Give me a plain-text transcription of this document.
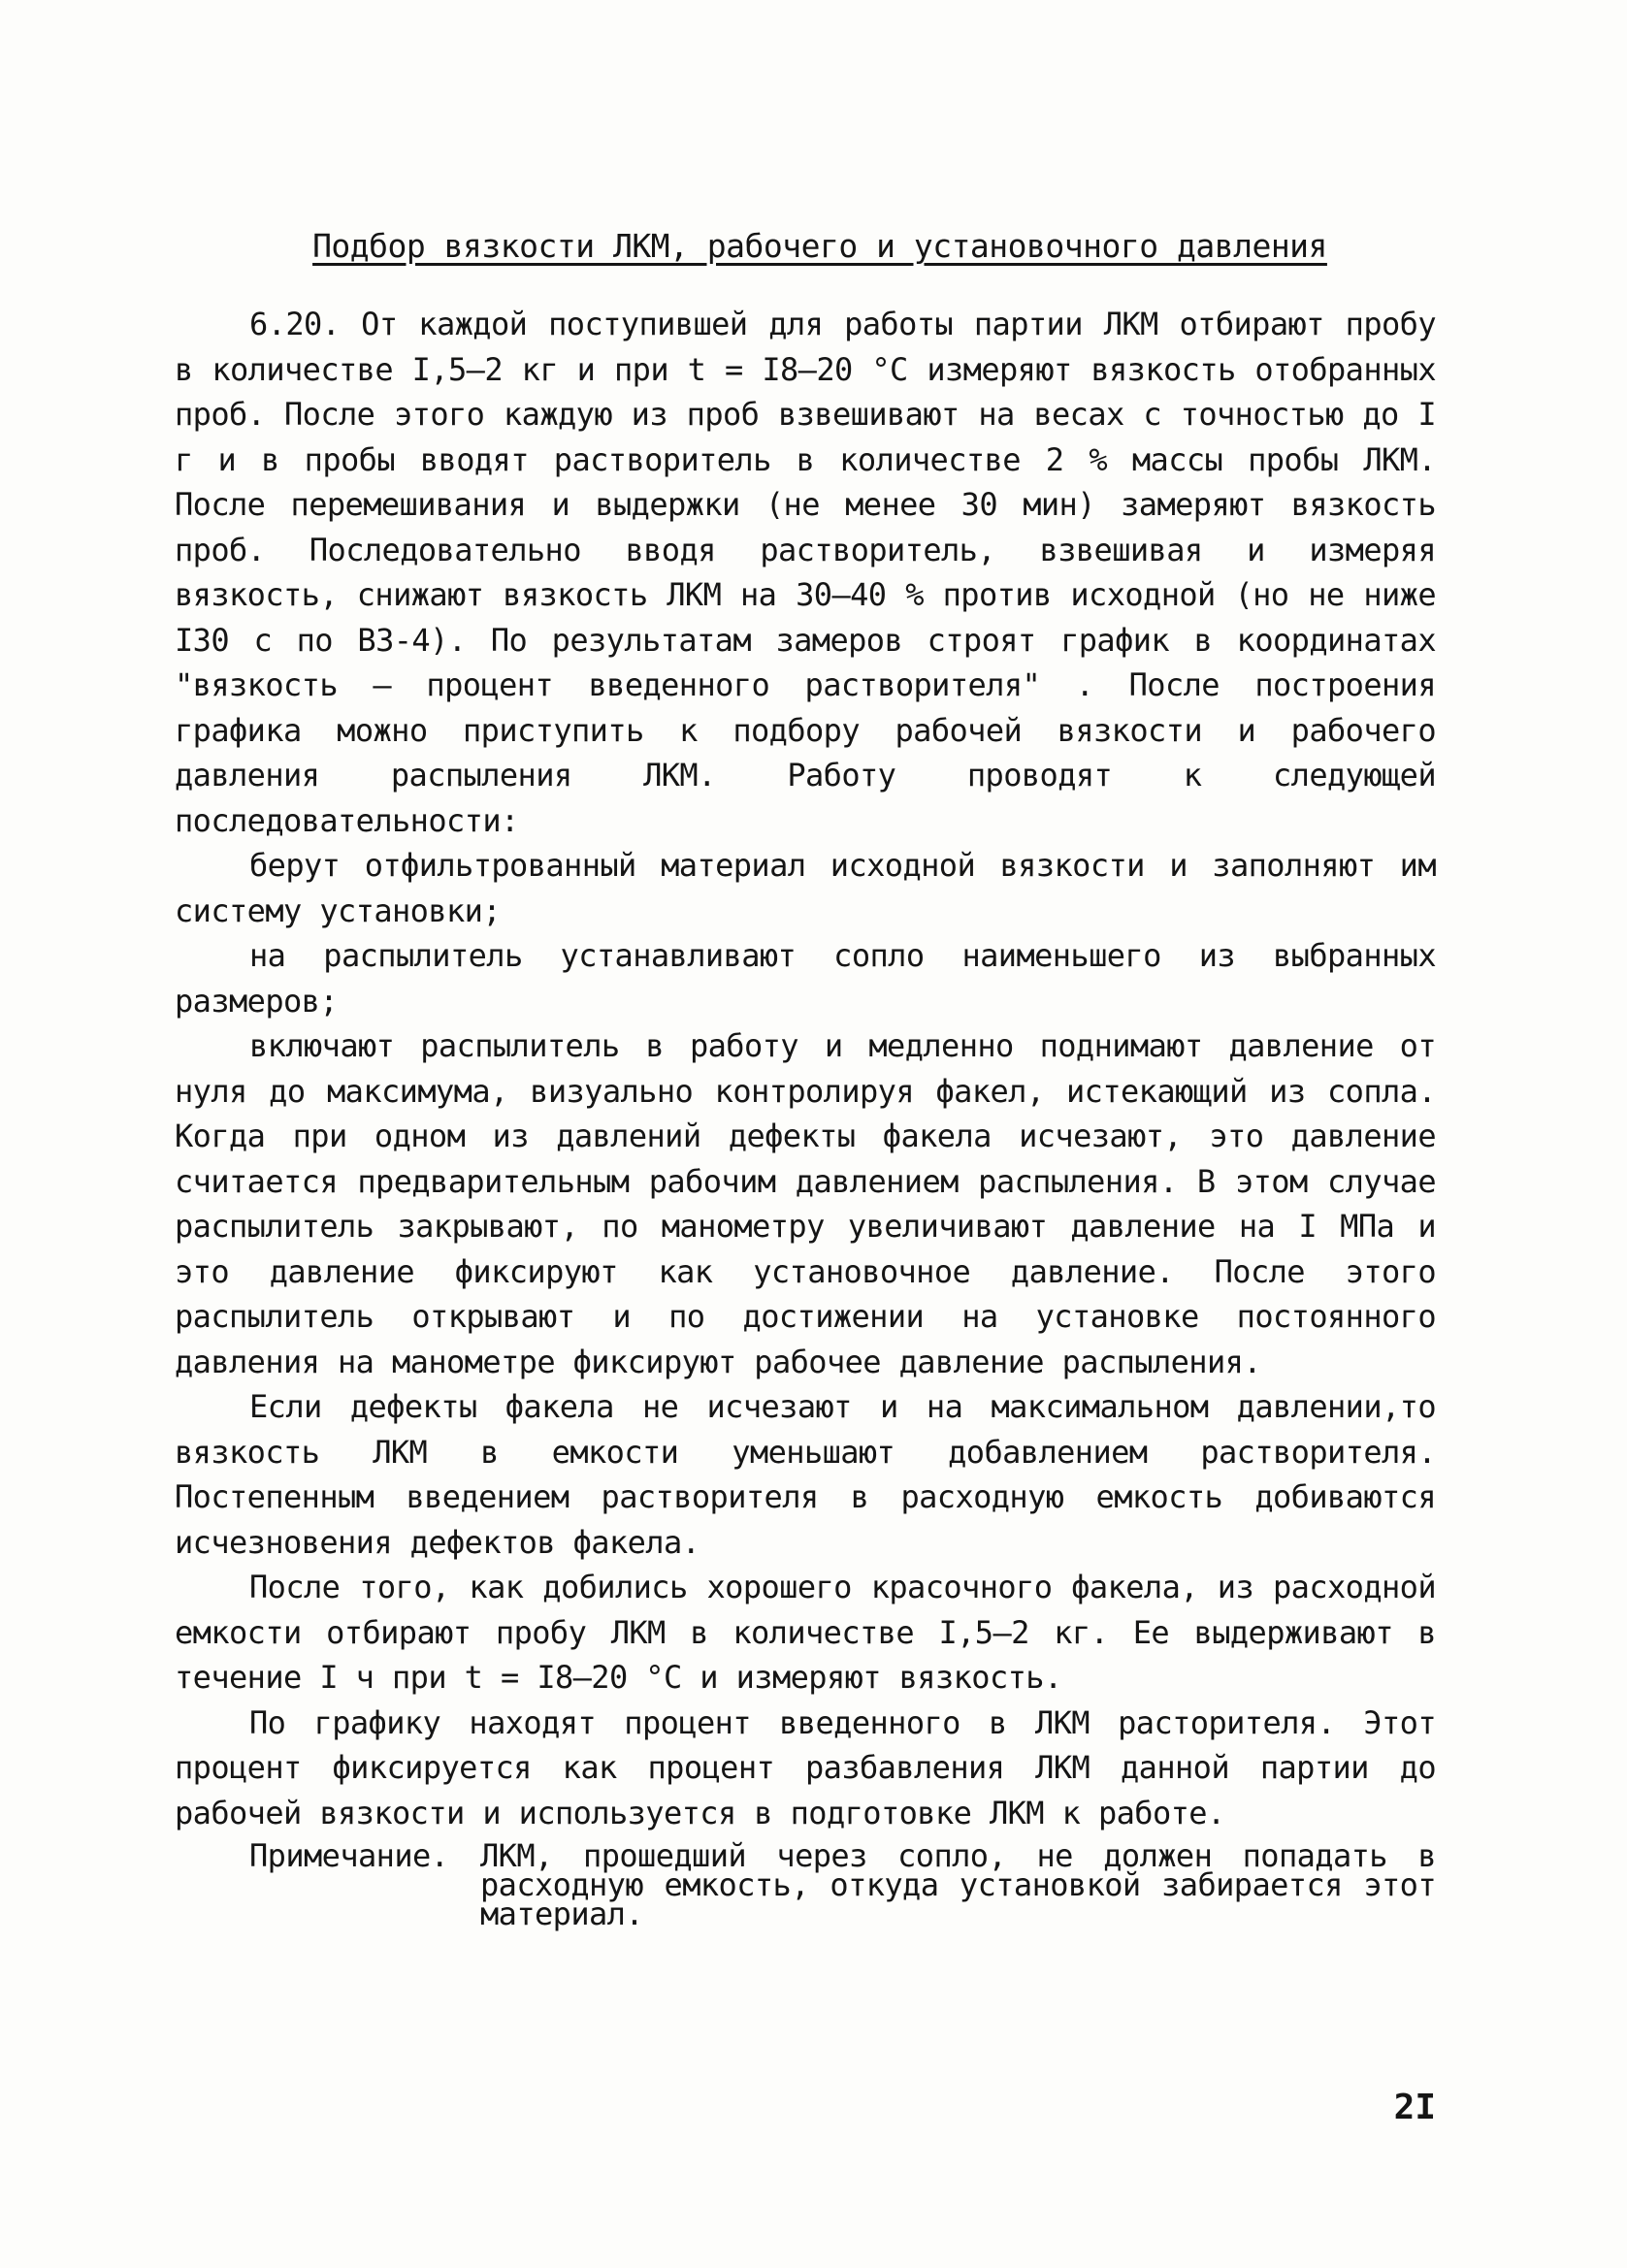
Подбор вязкости ЛКМ, рабочего и установочного давления

6.20. От каждой поступившей для работы партии ЛКМ отбирают пробу в количестве I,5–2 кг и при t = I8–20 °C измеряют вязкость отобранных проб. После этого каждую из проб взвешивают на весах с точностью до I г и в пробы вводят растворитель в количестве 2 % массы пробы ЛКМ. После перемешивания и выдержки (не менее 30 мин) замеряют вязкость проб. Последовательно вводя растворитель, взвешивая и измеряя вязкость, снижают вязкость ЛКМ на 30–40 % против исходной (но не ниже I30 с по ВЗ-4). По результатам замеров строят график в координатах "вязкость – процент введенного растворителя" . После построения графика можно приступить к подбору рабочей вязкости и рабочего давления распыления ЛКМ. Работу проводят к следующей последовательности:

берут отфильтрованный материал исходной вязкости и заполняют им систему установки;

на распылитель устанавливают сопло наименьшего из выбранных размеров;

включают распылитель в работу и медленно поднимают давление от нуля до максимума, визуально контролируя факел, истекающий из сопла. Когда при одном из давлений дефекты факела исчезают, это давление считается предварительным рабочим давлением распыления. В этом случае распылитель закрывают, по манометру увеличивают давление на I МПа и это давление фиксируют как установочное давление. После этого распылитель открывают и по достижении на установке постоянного давления на манометре фиксируют рабочее давление распыления.

Если дефекты факела не исчезают и на максимальном давлении,то вязкость ЛКМ в емкости уменьшают добавлением растворителя. Постепенным введением растворителя в расходную емкость добиваются исчезновения дефектов факела.

После того, как добились хорошего красочного факела, из расходной емкости отбирают пробу ЛКМ в количестве I,5–2 кг. Ее выдерживают в течение I ч при t = I8–20 °C и измеряют вязкость.

По графику находят процент введенного в ЛКМ расторителя. Этот процент фиксируется как процент разбавления ЛКМ данной партии до рабочей вязкости и используется в подготовке ЛКМ к работе.

Примечание.	ЛКМ, прошедший через сопло, не должен попадать в расходную емкость, откуда установкой забирается этот материал.
2I
